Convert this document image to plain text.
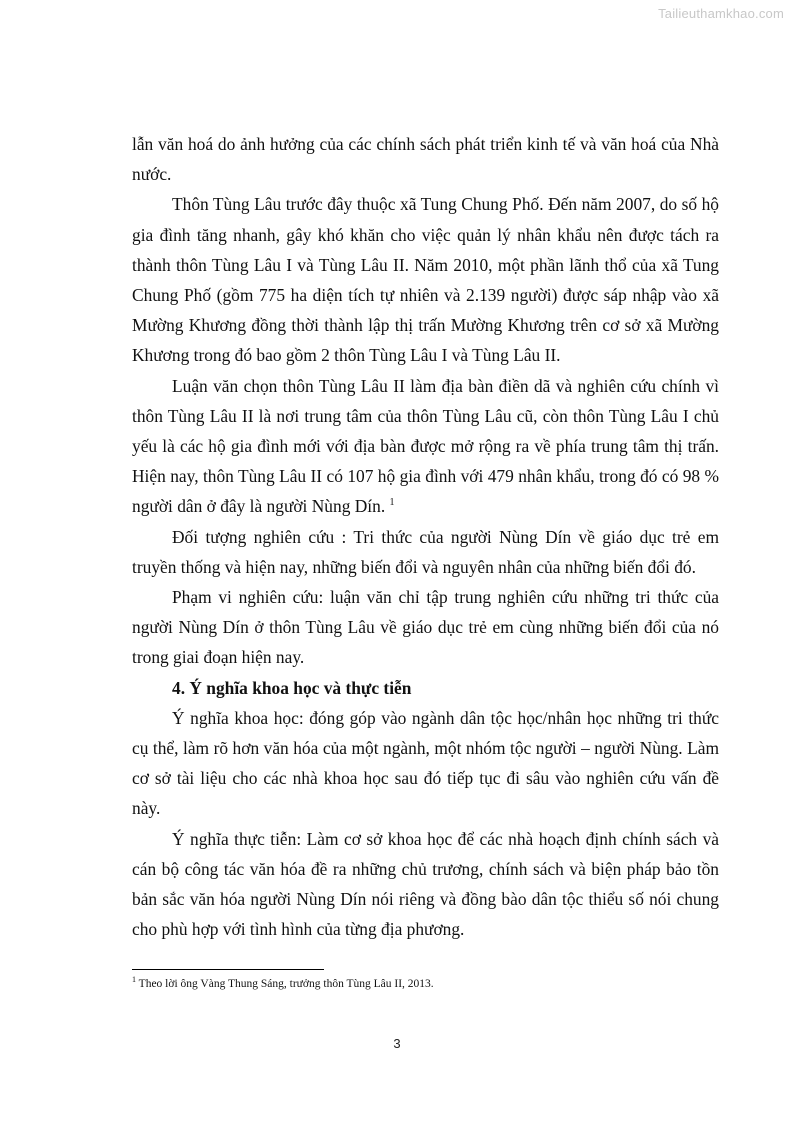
Tailieuthamkhao.com

lẫn văn hoá do ảnh hưởng của các chính sách phát triển kinh tế và văn hoá của Nhà nước.

Thôn Tùng Lâu trước đây thuộc xã Tung Chung Phố. Đến năm 2007, do số hộ gia đình tăng nhanh, gây khó khăn cho việc quản lý nhân khẩu nên được tách ra thành thôn Tùng Lâu I và Tùng Lâu II. Năm 2010, một phần lãnh thổ của xã Tung Chung Phố (gồm 775 ha diện tích tự nhiên và 2.139 người) được sáp nhập vào xã Mường Khương đồng thời thành lập thị trấn Mường Khương trên cơ sở xã Mường Khương trong đó bao gồm 2 thôn Tùng Lâu I và Tùng Lâu II.

Luận văn chọn thôn Tùng Lâu II làm địa bàn điền dã và nghiên cứu chính vì thôn Tùng Lâu II là nơi trung tâm của thôn Tùng Lâu cũ, còn thôn Tùng Lâu I chủ yếu là các hộ gia đình mới với địa bàn được mở rộng ra về phía trung tâm thị trấn. Hiện nay, thôn Tùng Lâu II có 107 hộ gia đình với 479 nhân khẩu, trong đó có 98 % người dân ở đây là người Nùng Dín. $^1$

Đối tượng nghiên cứu : Tri thức của người Nùng Dín về giáo dục trẻ em truyền thống và hiện nay, những biến đổi và nguyên nhân của những biến đổi đó.

Phạm vi nghiên cứu: luận văn chỉ tập trung nghiên cứu những tri thức của người Nùng Dín ở thôn Tùng Lâu về giáo dục trẻ em cùng những biến đổi của nó trong giai đoạn hiện nay.

4. Ý nghĩa khoa học và thực tiễn

Ý nghĩa khoa học: đóng góp vào ngành dân tộc học/nhân học những tri thức cụ thể, làm rõ hơn văn hóa của một ngành, một nhóm tộc người – người Nùng. Làm cơ sở tài liệu cho các nhà khoa học sau đó tiếp tục đi sâu vào nghiên cứu vấn đề này.

Ý nghĩa thực tiễn: Làm cơ sở khoa học để các nhà hoạch định chính sách và cán bộ công tác văn hóa đề ra những chủ trương, chính sách và biện pháp bảo tồn bản sắc văn hóa người Nùng Dín nói riêng và đồng bào dân tộc thiểu số nói chung cho phù hợp với tình hình của từng địa phương.

$^1$ Theo lời ông Vàng Thung Sáng, trưởng thôn Tùng Lâu II, 2013.
3
